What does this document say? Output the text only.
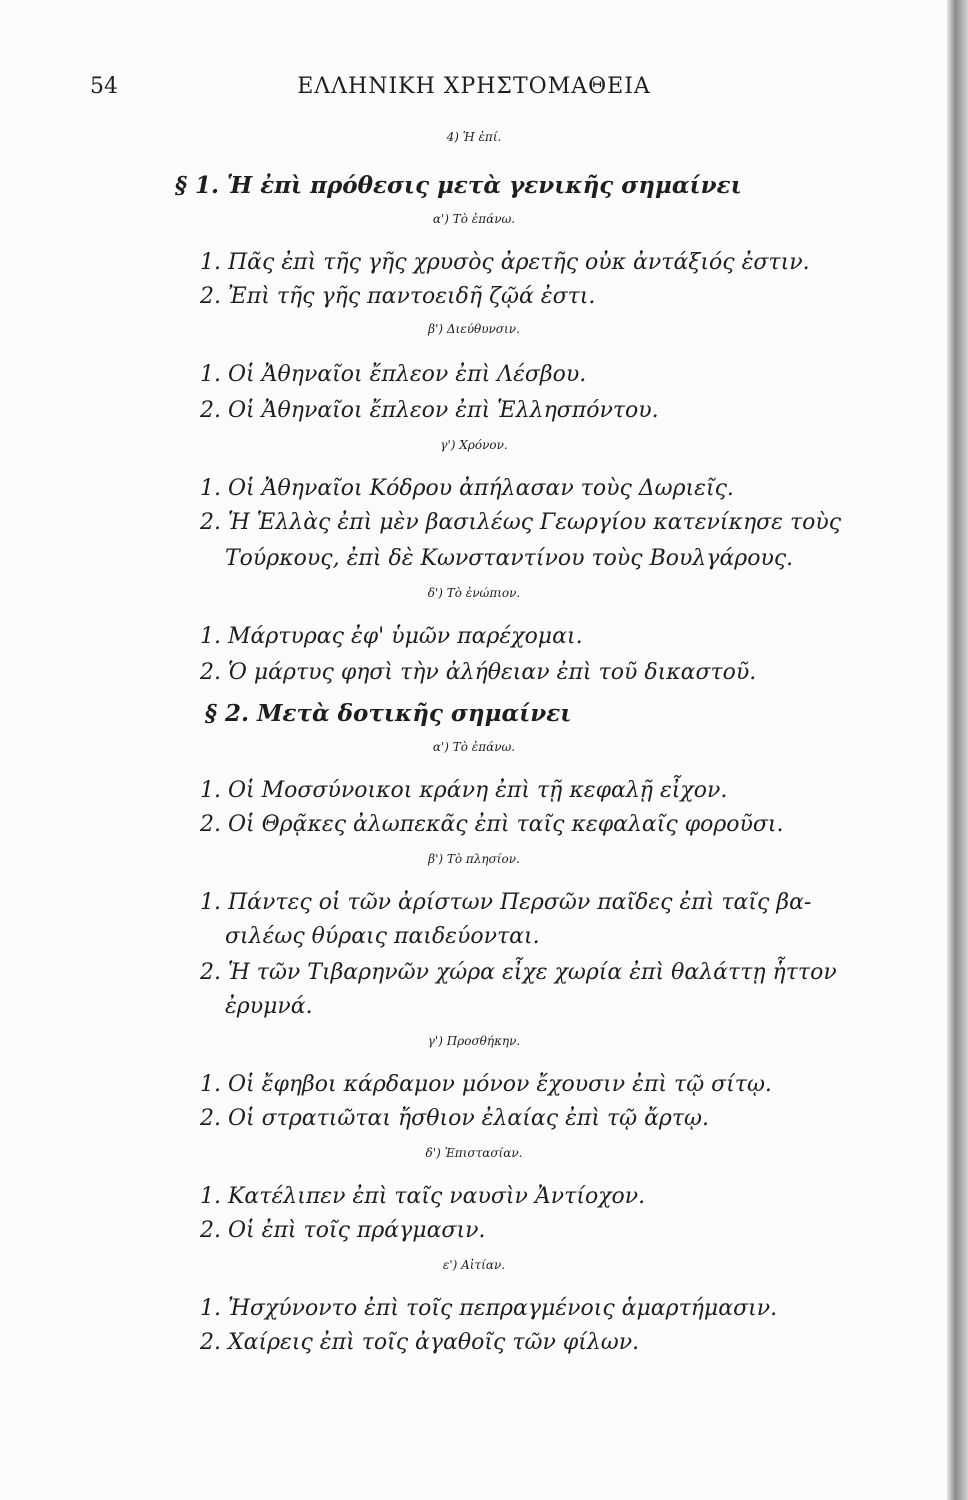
54	ΕΛΛΗΝΙΚΗ ΧΡΗΣΤΟΜΑΘΕΙΑ
4) Ἡ ἐπί.
§ 1. Ἡ ἐπὶ πρόθεσις μετὰ γενικῆς σημαίνει
α') Τὸ ἐπάνω.
1. Πᾶς ἐπὶ τῆς γῆς χρυσὸς ἀρετῆς οὐκ ἀντάξιός ἐστιν.
2. Ἐπὶ τῆς γῆς παντοειδῆ ζῷά ἐστι.
β') Διεύθυνσιν.
1. Οἱ Ἀθηναῖοι ἔπλεον ἐπὶ Λέσβου.
2. Οἱ Ἀθηναῖοι ἔπλεον ἐπὶ Ἑλλησπόντου.
γ') Χρόνον.
1. Οἱ Ἀθηναῖοι Κόδρου ἀπήλασαν τοὺς Δωριεῖς.
2. Ἡ Ἑλλὰς ἐπὶ μὲν βασιλέως Γεωργίου κατενίκησε τοὺς
Τούρκους, ἐπὶ δὲ Κωνσταντίνου τοὺς Βουλγάρους.
δ') Τὸ ἐνώπιον.
1. Μάρτυρας ἐφ' ὑμῶν παρέχομαι.
2. Ὁ μάρτυς φησὶ τὴν ἀλήθειαν ἐπὶ τοῦ δικαστοῦ.
§ 2. Μετὰ δοτικῆς σημαίνει
α') Τὸ ἐπάνω.
1. Οἱ Μοσσύνοικοι κράνη ἐπὶ τῇ κεφαλῇ εἶχον.
2. Οἱ Θρᾷκες ἀλωπεκᾶς ἐπὶ ταῖς κεφαλαῖς φοροῦσι.
β') Τὸ πλησίον.
1. Πάντες οἱ τῶν ἀρίστων Περσῶν παῖδες ἐπὶ ταῖς βα-
σιλέως θύραις παιδεύονται.
2. Ἡ τῶν Τιβαρηνῶν χώρα εἶχε χωρία ἐπὶ θαλάττῃ ἧττον
ἐρυμνά.
γ') Προσθήκην.
1. Οἱ ἔφηβοι κάρδαμον μόνον ἔχουσιν ἐπὶ τῷ σίτῳ.
2. Οἱ στρατιῶται ἤσθιον ἐλαίας ἐπὶ τῷ ἄρτῳ.
δ') Ἐπιστασίαν.
1. Κατέλιπεν ἐπὶ ταῖς ναυσὶν Ἀντίοχον.
2. Οἱ ἐπὶ τοῖς πράγμασιν.
ε') Αἰτίαν.
1. Ἠσχύνοντο ἐπὶ τοῖς πεπραγμένοις ἁμαρτήμασιν.
2. Χαίρεις ἐπὶ τοῖς ἀγαθοῖς τῶν φίλων.
